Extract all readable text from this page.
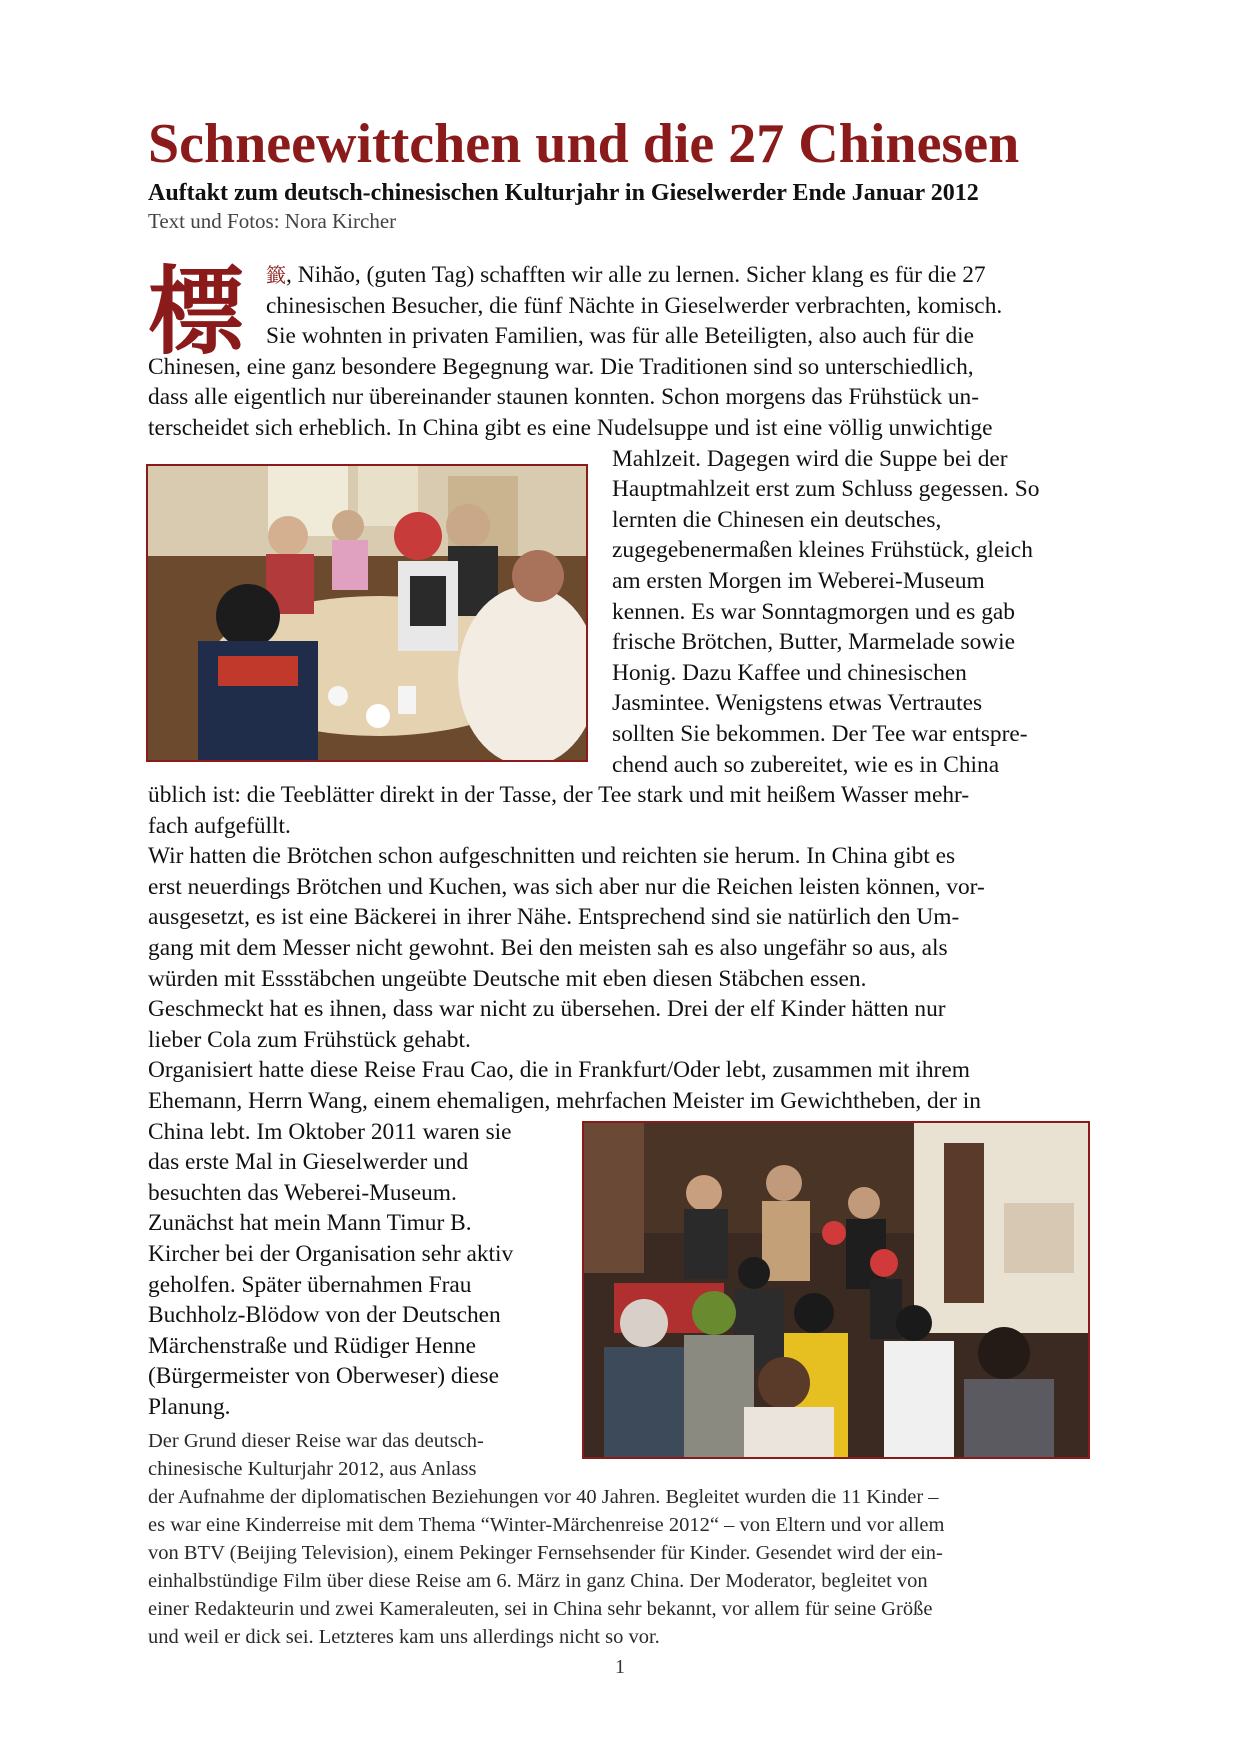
Schneewittchen und die 27 Chinesen

Auftakt zum deutsch-chinesischen Kulturjahr in Gieselwerder Ende Januar 2012

Text und Fotos: Nora Kircher

標 籤, Nihăo, (guten Tag) schafften wir alle zu lernen. Sicher klang es für die 27
chinesischen Besucher, die fünf Nächte in Gieselwerder verbrachten, komisch.
Sie wohnten in privaten Familien, was für alle Beteiligten, also auch für die
Chinesen, eine ganz besondere Begegnung war. Die Traditionen sind so unterschiedlich,
dass alle eigentlich nur übereinander staunen konnten. Schon morgens das Frühstück un-
terscheidet sich erheblich. In China gibt es eine Nudelsuppe und ist eine völlig unwichtige
Mahlzeit. Dagegen wird die Suppe bei der
Hauptmahlzeit erst zum Schluss gegessen. So
lernten die Chinesen ein deutsches,
zugegebenermaßen kleines Frühstück, gleich
am ersten Morgen im Weberei-Museum
kennen. Es war Sonntagmorgen und es gab
frische Brötchen, Butter, Marmelade sowie
Honig. Dazu Kaffee und chinesischen
Jasmintee. Wenigstens etwas Vertrautes
sollten Sie bekommen. Der Tee war entspre-
chend auch so zubereitet, wie es in China
üblich ist: die Teeblätter direkt in der Tasse, der Tee stark und mit heißem Wasser mehr-
fach aufgefüllt.
Wir hatten die Brötchen schon aufgeschnitten und reichten sie herum. In China gibt es
erst neuerdings Brötchen und Kuchen, was sich aber nur die Reichen leisten können, vor-
ausgesetzt, es ist eine Bäckerei in ihrer Nähe. Entsprechend sind sie natürlich den Um-
gang mit dem Messer nicht gewohnt. Bei den meisten sah es also ungefähr so aus, als
würden mit Essstäbchen ungeübte Deutsche mit eben diesen Stäbchen essen.
Geschmeckt hat es ihnen, dass war nicht zu übersehen. Drei der elf Kinder hätten nur
lieber Cola zum Frühstück gehabt.
Organisiert hatte diese Reise Frau Cao, die in Frankfurt/Oder lebt, zusammen mit ihrem
Ehemann, Herrn Wang, einem ehemaligen, mehrfachen Meister im Gewichtheben, der in
China lebt. Im Oktober 2011 waren sie
das erste Mal in Gieselwerder und
besuchten das Weberei-Museum.
Zunächst hat mein Mann Timur B.
Kircher bei der Organisation sehr aktiv
geholfen. Später übernahmen Frau
Buchholz-Blödow von der Deutschen
Märchenstraße und Rüdiger Henne
(Bürgermeister von Oberweser) diese
Planung.
Der Grund dieser Reise war das deutsch-
chinesische Kulturjahr 2012, aus Anlass
der Aufnahme der diplomatischen Beziehungen vor 40 Jahren. Begleitet wurden die 11 Kinder –
es war eine Kinderreise mit dem Thema “Winter-Märchenreise 2012“ – von Eltern und vor allem
von BTV (Beijing Television), einem Pekinger Fernsehsender für Kinder. Gesendet wird der ein-
einhalbstündige Film über diese Reise am 6. März in ganz China. Der Moderator, begleitet von
einer Redakteurin und zwei Kameraleuten, sei in China sehr bekannt, vor allem für seine Größe
und weil er dick sei. Letzteres kam uns allerdings nicht so vor.
1
